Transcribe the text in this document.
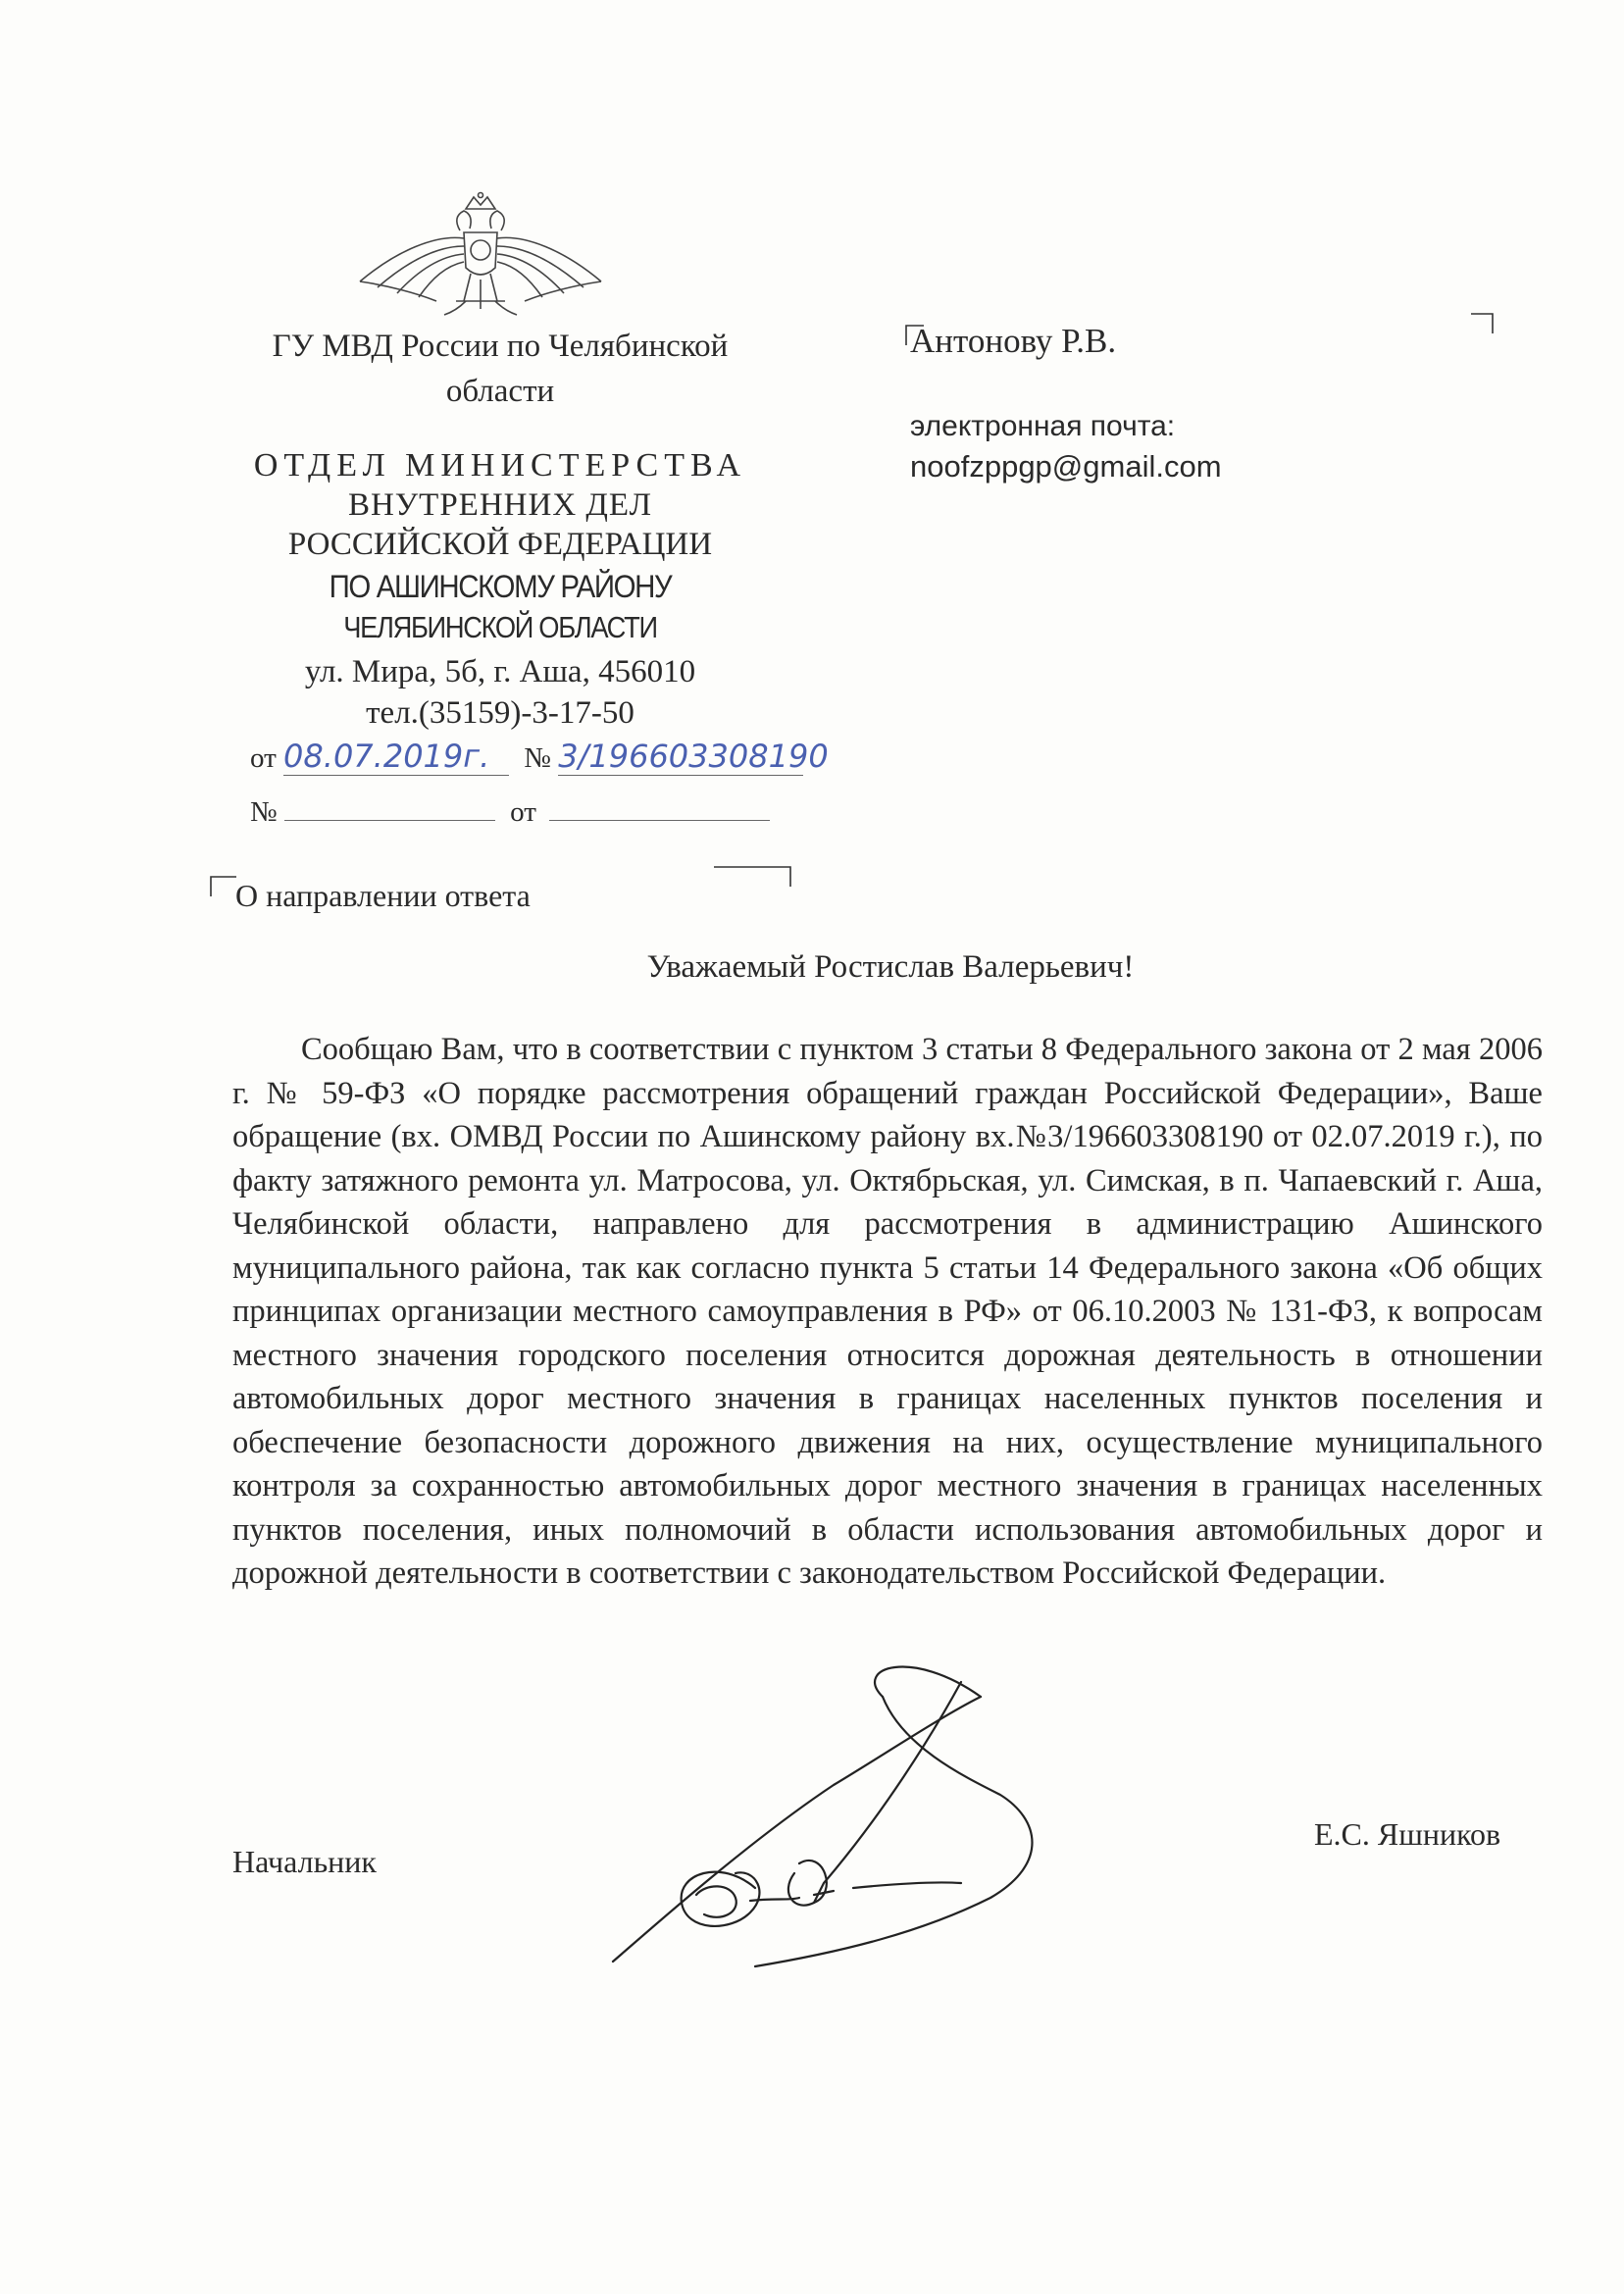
ГУ МВД России по Челябинской
области
ОТДЕЛ МИНИСТЕРСТВА
ВНУТРЕННИХ ДЕЛ
РОССИЙСКОЙ ФЕДЕРАЦИИ
ПО АШИНСКОМУ РАЙОНУ
ЧЕЛЯБИНСКОЙ ОБЛАСТИ
ул. Мира, 5б, г. Аша, 456010
тел.(35159)-3-17-50
от 08.07.2019г. № 3/196603308190
№	от
Антонову Р.В.
электронная почта:
noofzppgp@gmail.com
О направлении ответа
Уважаемый Ростислав Валерьевич!
Сообщаю Вам, что в соответствии с пунктом 3 статьи 8 Федерального закона от 2 мая 2006 г. № 59-ФЗ «О порядке рассмотрения обращений граждан Российской Федерации», Ваше обращение (вх. ОМВД России по Ашинскому району вх.№3/196603308190 от 02.07.2019 г.), по факту затяжного ремонта ул. Матросова, ул. Октябрьская, ул. Симская, в п. Чапаевский г. Аша, Челябинской области, направлено для рассмотрения в администрацию Ашинского муниципального района, так как согласно пункта 5 статьи 14 Федерального закона «Об общих принципах организации местного самоуправления в РФ» от 06.10.2003 № 131-ФЗ, к вопросам местного значения городского поселения относится дорожная деятельность в отношении автомобильных дорог местного значения в границах населенных пунктов поселения и обеспечение безопасности дорожного движения на них, осуществление муниципального контроля за сохранностью автомобильных дорог местного значения в границах населенных пунктов поселения, иных полномочий в области использования автомобильных дорог и дорожной деятельности в соответствии с законодательством Российской Федерации.
Начальник
Е.С. Яшников
